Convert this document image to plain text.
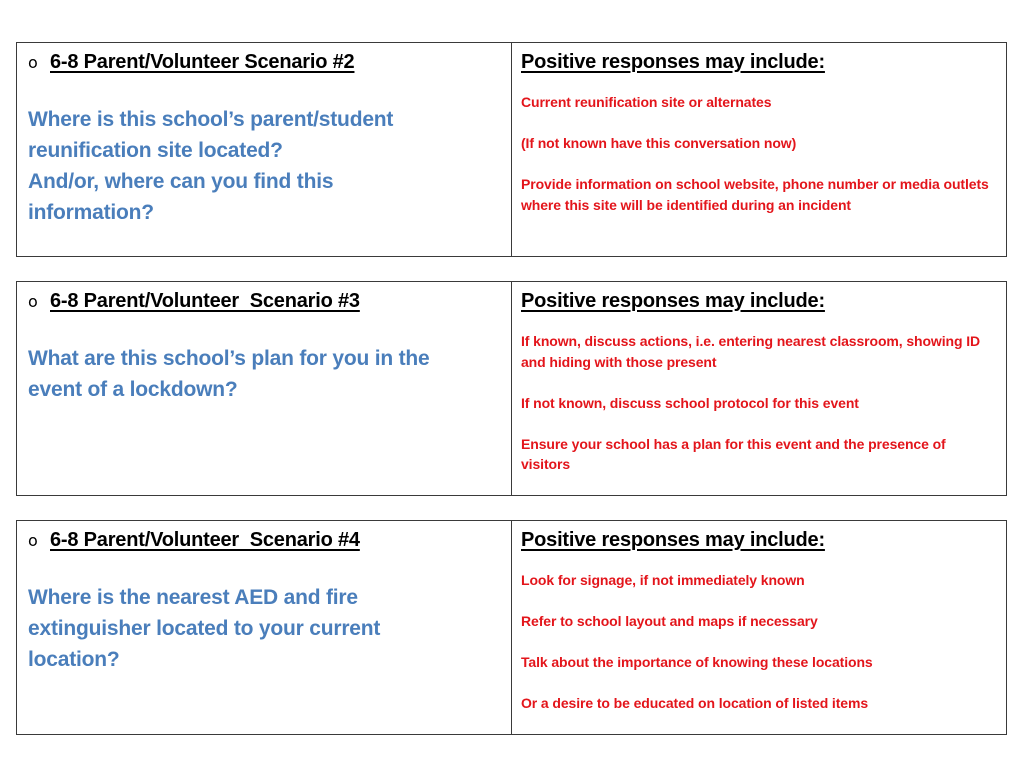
o 6-8 Parent/Volunteer Scenario #2
Where is this school’s parent/student
reunification site located?
And/or, where can you find this
information?
Positive responses may include:
Current reunification site or alternates
(If not known have this conversation now)
Provide information on school website, phone number or media outlets where this site will be identified during an incident
o 6-8 Parent/Volunteer  Scenario #3
What are this school’s plan for you in the
event of a lockdown?
Positive responses may include:
If known, discuss actions, i.e. entering nearest classroom, showing ID and hiding with those present
If not known, discuss school protocol for this event
Ensure your school has a plan for this event and the presence of visitors
o 6-8 Parent/Volunteer  Scenario #4
Where is the nearest AED and fire
extinguisher located to your current
location?
Positive responses may include:
Look for signage, if not immediately known
Refer to school layout and maps if necessary
Talk about the importance of knowing these locations
Or a desire to be educated on location of listed items
